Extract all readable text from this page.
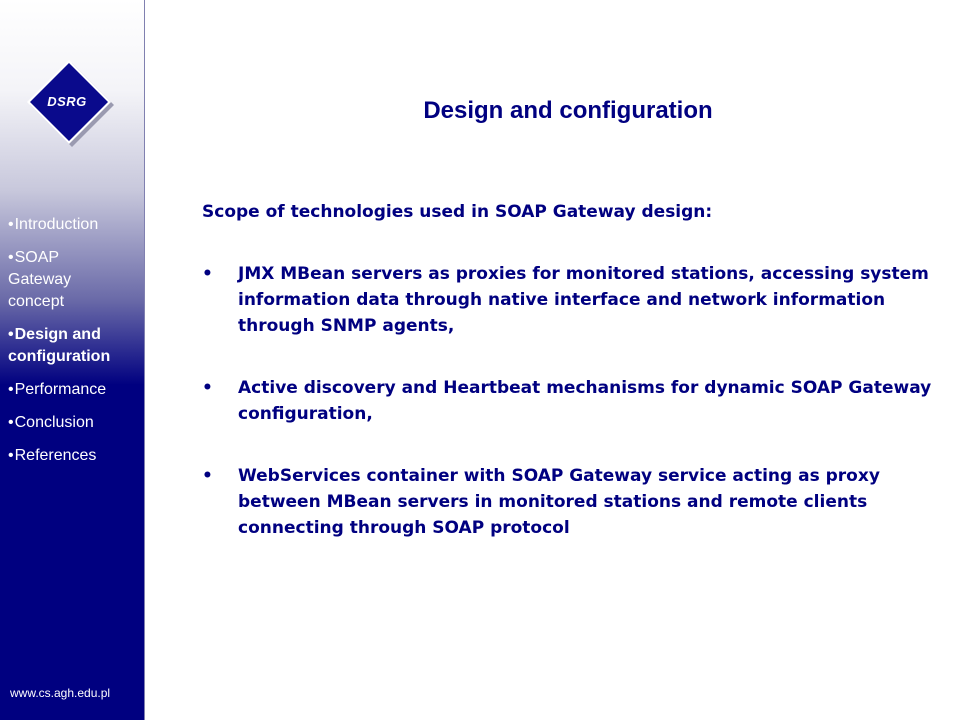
DSRG
•Introduction
•SOAP Gateway concept
•Design and configuration
•Performance
•Conclusion
•References
www.cs.agh.edu.pl
Design and configuration

Scope of technologies used in SOAP Gateway design:

• JMX MBean servers as proxies for monitored stations, accessing system information data through native interface and network information through SNMP agents,
• Active discovery and Heartbeat mechanisms for dynamic SOAP Gateway configuration,
• WebServices container with SOAP Gateway service acting as proxy between MBean servers in monitored stations and remote clients connecting through SOAP protocol
